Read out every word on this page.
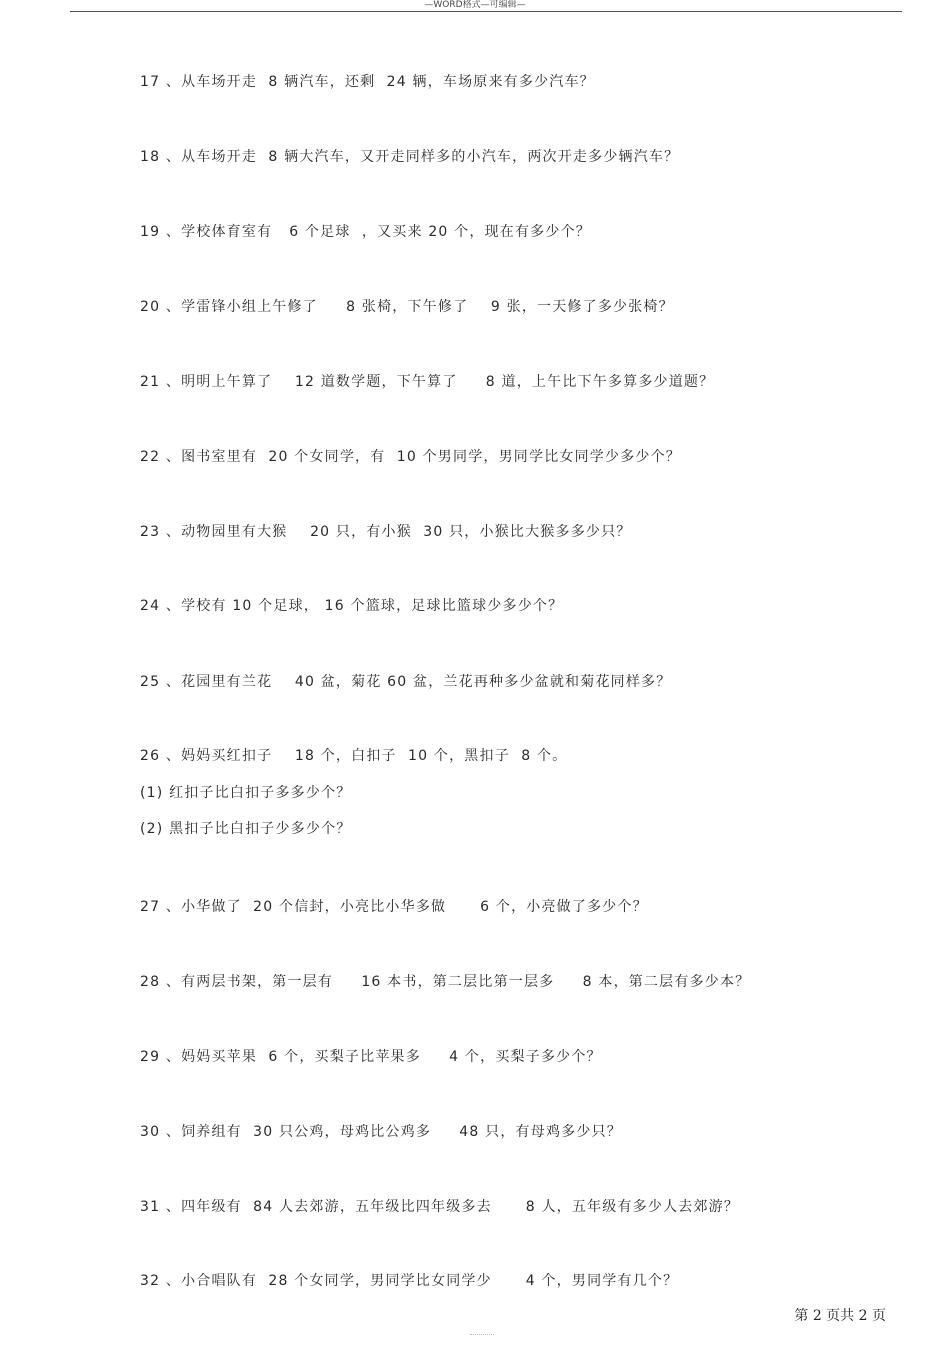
—WORD格式—可编辑—
17 、从车场开走  8 辆汽车，还剩  24 辆，车场原来有多少汽车？
18 、从车场开走  8 辆大汽车，又开走同样多的小汽车，两次开走多少辆汽车？
19 、学校体育室有   6 个足球  ，又买来 20 个，现在有多少个？
20 、学雷锋小组上午修了     8 张椅，下午修了    9 张，一天修了多少张椅？
21 、明明上午算了    12 道数学题，下午算了     8 道，上午比下午多算多少道题？
22 、图书室里有  20 个女同学，有  10 个男同学，男同学比女同学少多少个？
23 、动物园里有大猴    20 只，有小猴  30 只，小猴比大猴多多少只？
24 、学校有 10 个足球， 16 个篮球，足球比篮球少多少个？
25 、花园里有兰花    40 盆，菊花 60 盆，兰花再种多少盆就和菊花同样多？
26 、妈妈买红扣子    18 个，白扣子  10 个，黑扣子  8 个。
(1) 红扣子比白扣子多多少个？
(2) 黑扣子比白扣子少多少个？
27 、小华做了  20 个信封，小亮比小华多做      6 个，小亮做了多少个？
28 、有两层书架，第一层有     16 本书，第二层比第一层多     8 本，第二层有多少本？
29 、妈妈买苹果  6 个，买梨子比苹果多     4 个，买梨子多少个？
30 、饲养组有  30 只公鸡，母鸡比公鸡多     48 只，有母鸡多少只？
31 、四年级有  84 人去郊游，五年级比四年级多去      8 人，五年级有多少人去郊游？
32 、小合唱队有  28 个女同学，男同学比女同学少      4 个，男同学有几个？
第 2 页共 2 页
